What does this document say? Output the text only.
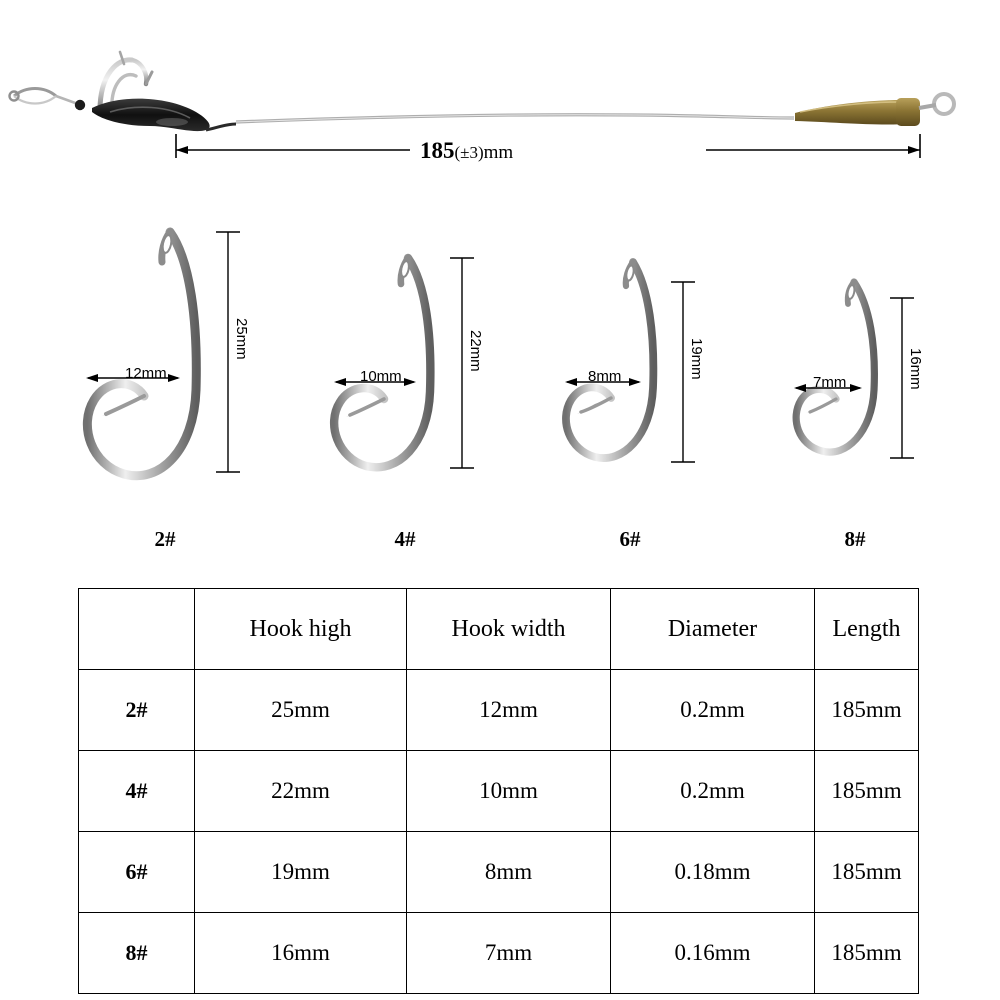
185(±3)mm
12mm
25mm
2#
10mm
22mm
4#
8mm	19mm
6#
7mm	16mm
8#
	Hook high	Hook width	Diameter	Length
2#	25mm	12mm	0.2mm	185mm
4#	22mm	10mm	0.2mm	185mm
6#	19mm	8mm	0.18mm	185mm
8#	16mm	7mm	0.16mm	185mm
